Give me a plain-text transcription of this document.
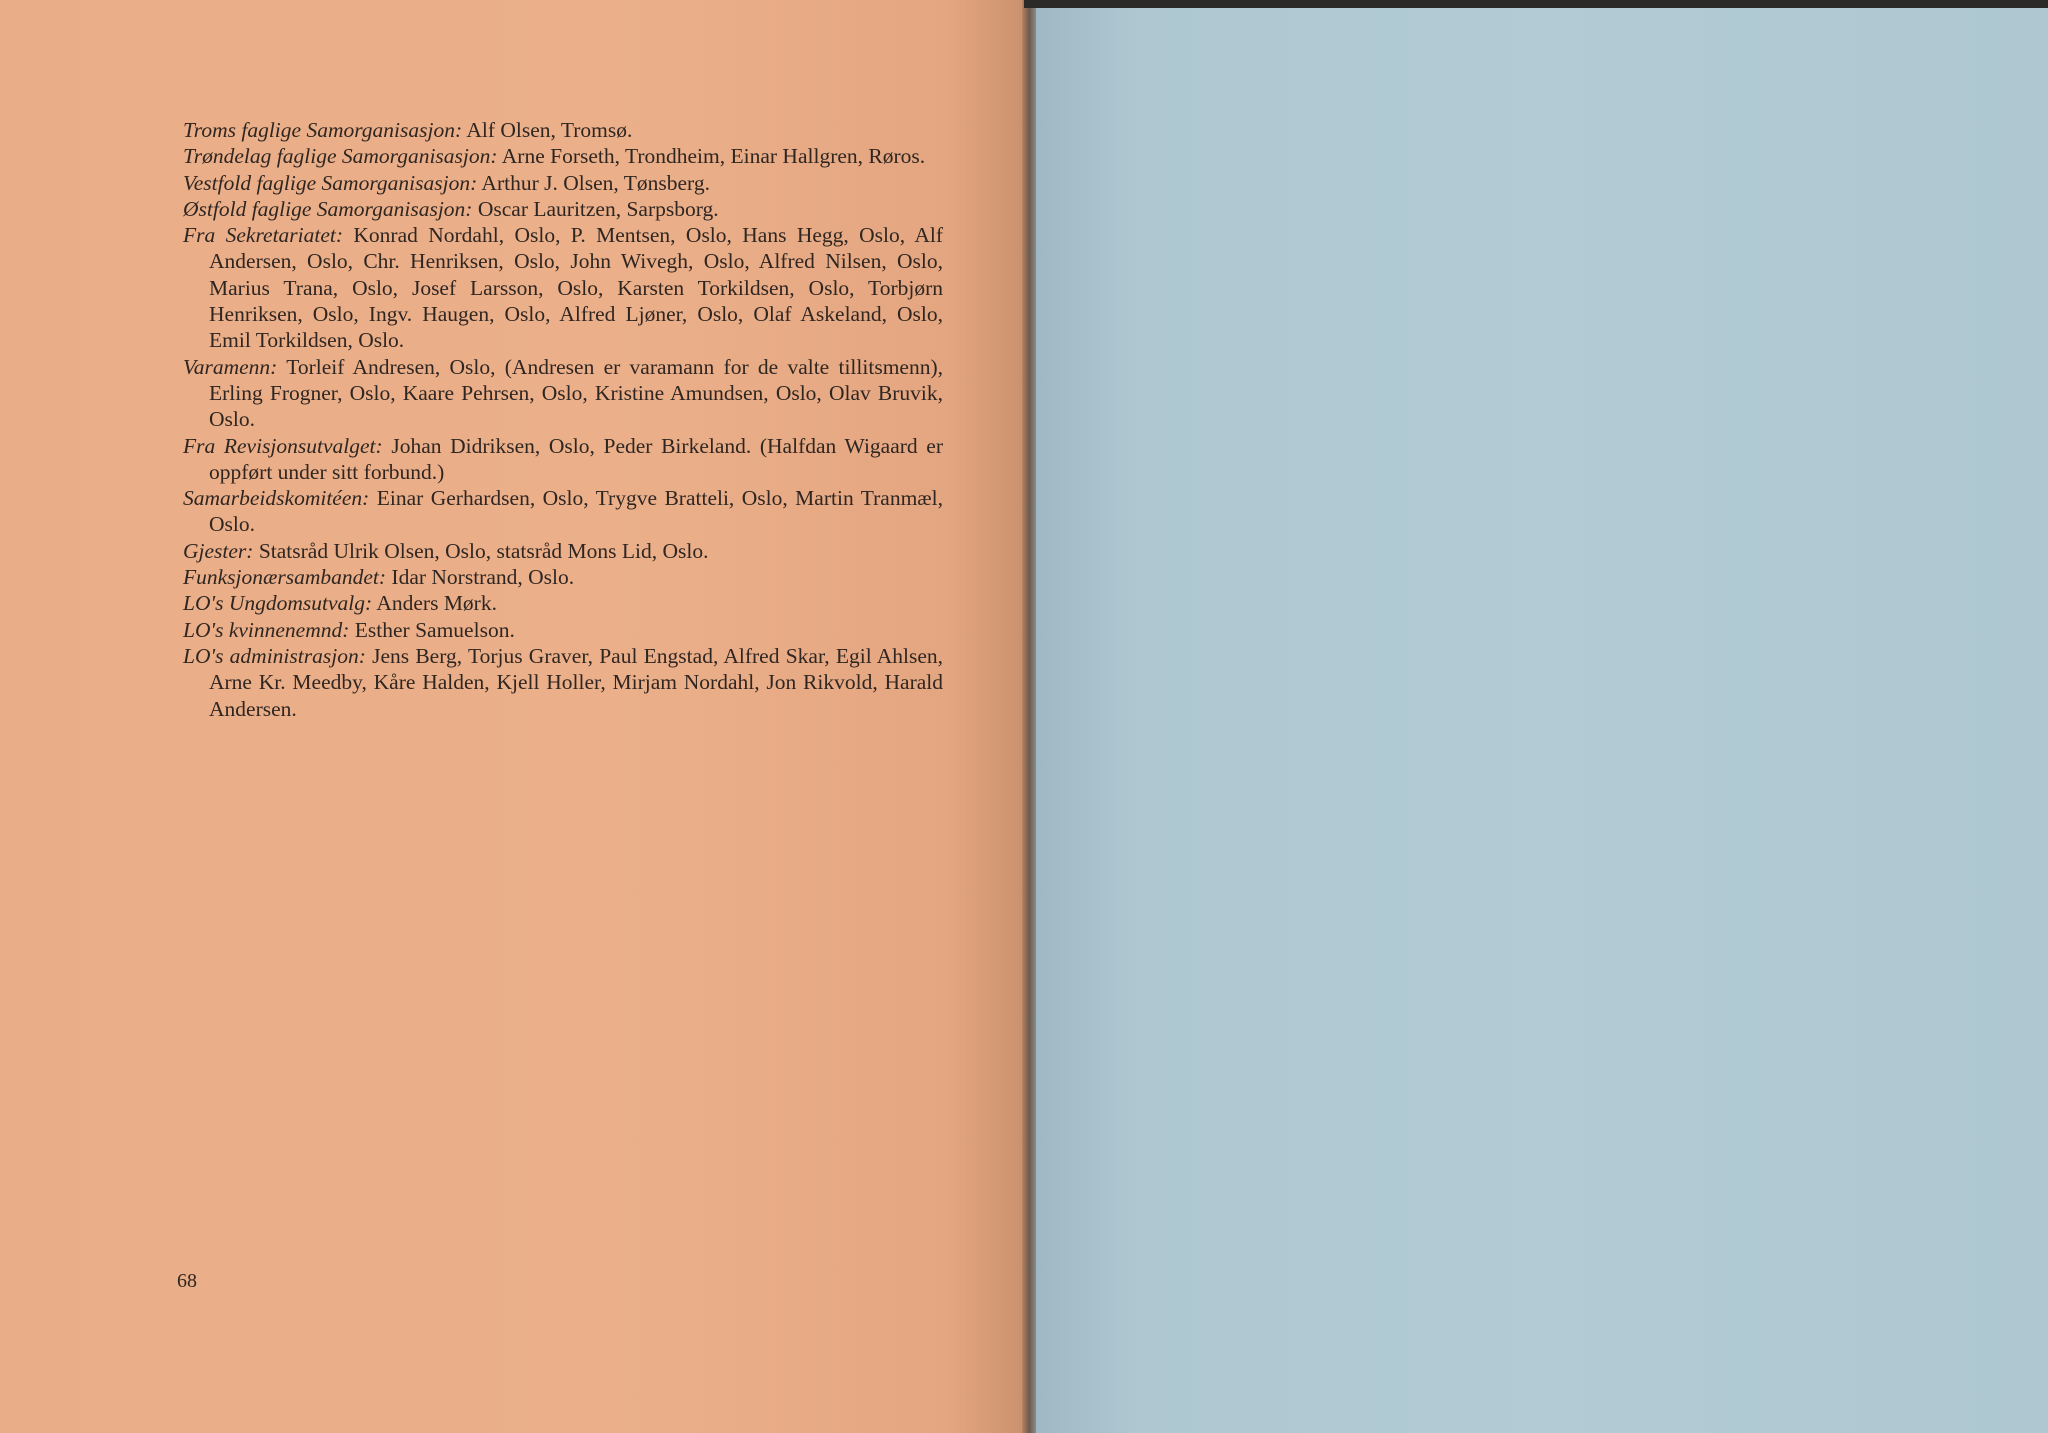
Troms faglige Samorganisasjon: Alf Olsen, Tromsø.

Trøndelag faglige Samorganisasjon: Arne Forseth, Trondheim, Einar Hallgren, Røros.

Vestfold faglige Samorganisasjon: Arthur J. Olsen, Tønsberg.

Østfold faglige Samorganisasjon: Oscar Lauritzen, Sarpsborg.

Fra Sekretariatet: Konrad Nordahl, Oslo, P. Mentsen, Oslo, Hans Hegg, Oslo, Alf Andersen, Oslo, Chr. Henriksen, Oslo, John Wivegh, Oslo, Alfred Nilsen, Oslo, Marius Trana, Oslo, Josef Larsson, Oslo, Karsten Torkildsen, Oslo, Torbjørn Henriksen, Oslo, Ingv. Haugen, Oslo, Alfred Ljøner, Oslo, Olaf Askeland, Oslo, Emil Torkildsen, Oslo.

Varamenn: Torleif Andresen, Oslo, (Andresen er varamann for de valte tillitsmenn), Erling Frogner, Oslo, Kaare Pehrsen, Oslo, Kristine Amundsen, Oslo, Olav Bruvik, Oslo.

Fra Revisjonsutvalget: Johan Didriksen, Oslo, Peder Birkeland. (Halfdan Wigaard er oppført under sitt forbund.)

Samarbeidskomitéen: Einar Gerhardsen, Oslo, Trygve Bratteli, Oslo, Martin Tranmæl, Oslo.

Gjester: Statsråd Ulrik Olsen, Oslo, statsråd Mons Lid, Oslo.

Funksjonærsambandet: Idar Norstrand, Oslo.

LO's Ungdomsutvalg: Anders Mørk.

LO's kvinnenemnd: Esther Samuelson.

LO's administrasjon: Jens Berg, Torjus Graver, Paul Engstad, Alfred Skar, Egil Ahlsen, Arne Kr. Meedby, Kåre Halden, Kjell Holler, Mirjam Nordahl, Jon Rikvold, Harald Andersen.

68
